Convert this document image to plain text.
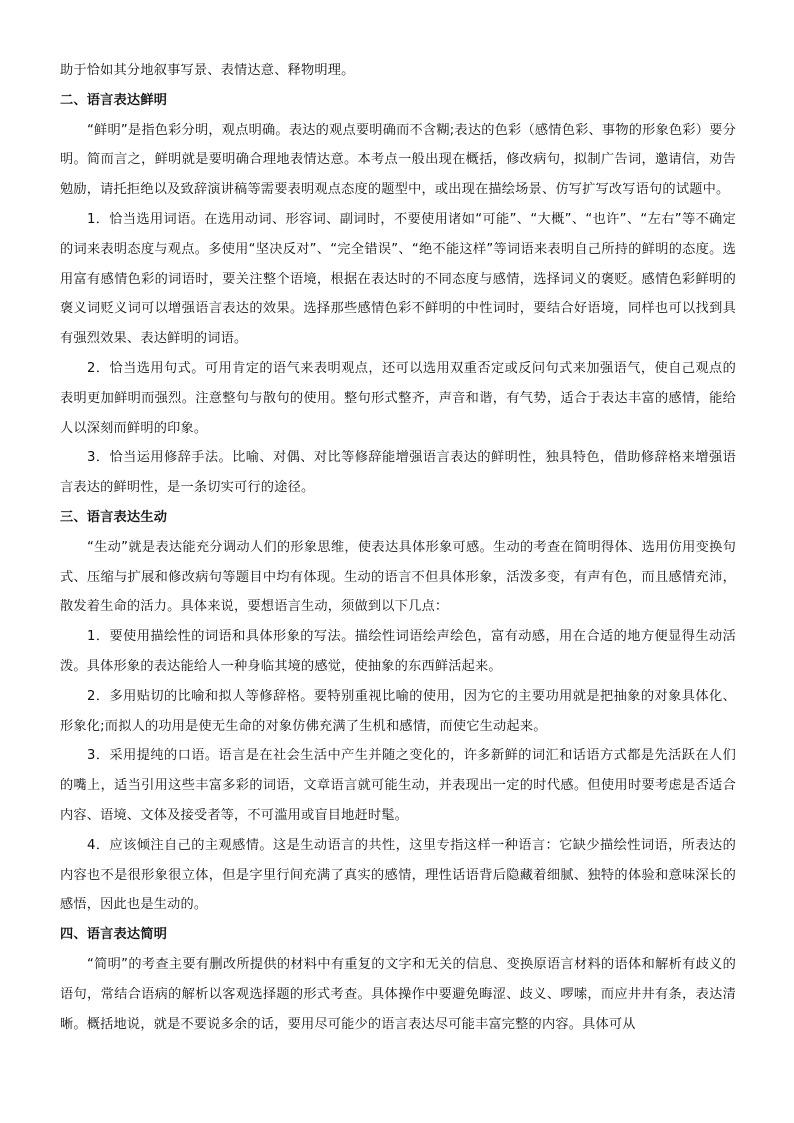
助于恰如其分地叙事写景、表情达意、释物明理。

二、语言表达鲜明

“鲜明”是指色彩分明，观点明确。表达的观点要明确而不含糊;表达的色彩（感情色彩、事物的形象色彩）要分明。简而言之，鲜明就是要明确合理地表情达意。本考点一般出现在概括，修改病句，拟制广告词，邀请信，劝告勉励，请托拒绝以及致辞演讲稿等需要表明观点态度的题型中，或出现在描绘场景、仿写扩写改写语句的试题中。

1．恰当选用词语。在选用动词、形容词、副词时，不要使用诸如“可能”、“大概”、“也许”、“左右”等不确定的词来表明态度与观点。多使用“坚决反对”、“完全错误”、“绝不能这样”等词语来表明自己所持的鲜明的态度。选用富有感情色彩的词语时，要关注整个语境，根据在表达时的不同态度与感情，选择词义的褒贬。感情色彩鲜明的褒义词贬义词可以增强语言表达的效果。选择那些感情色彩不鲜明的中性词时，要结合好语境，同样也可以找到具有强烈效果、表达鲜明的词语。

2．恰当选用句式。可用肯定的语气来表明观点，还可以选用双重否定或反问句式来加强语气，使自己观点的表明更加鲜明而强烈。注意整句与散句的使用。整句形式整齐，声音和谐，有气势，适合于表达丰富的感情，能给人以深刻而鲜明的印象。

3．恰当运用修辞手法。比喻、对偶、对比等修辞能增强语言表达的鲜明性，独具特色，借助修辞格来增强语言表达的鲜明性，是一条切实可行的途径。

三、语言表达生动

“生动”就是表达能充分调动人们的形象思维，使表达具体形象可感。生动的考查在简明得体、选用仿用变换句式、压缩与扩展和修改病句等题目中均有体现。生动的语言不但具体形象，活泼多变，有声有色，而且感情充沛，散发着生命的活力。具体来说，要想语言生动，须做到以下几点：

1．要使用描绘性的词语和具体形象的写法。描绘性词语绘声绘色，富有动感，用在合适的地方便显得生动活泼。具体形象的表达能给人一种身临其境的感觉，使抽象的东西鲜活起来。

2．多用贴切的比喻和拟人等修辞格。要特别重视比喻的使用，因为它的主要功用就是把抽象的对象具体化、形象化;而拟人的功用是使无生命的对象仿佛充满了生机和感情，而使它生动起来。

3．采用提纯的口语。语言是在社会生活中产生并随之变化的，许多新鲜的词汇和话语方式都是先活跃在人们的嘴上，适当引用这些丰富多彩的词语，文章语言就可能生动，并表现出一定的时代感。但使用时要考虑是否适合内容、语境、文体及接受者等，不可滥用或盲目地赶时髦。

4．应该倾注自己的主观感情。这是生动语言的共性，这里专指这样一种语言：它缺少描绘性词语，所表达的内容也不是很形象很立体，但是字里行间充满了真实的感情，理性话语背后隐藏着细腻、独特的体验和意味深长的感悟，因此也是生动的。

四、语言表达简明

“简明”的考查主要有删改所提供的材料中有重复的文字和无关的信息、变换原语言材料的语体和解析有歧义的语句，常结合语病的解析以客观选择题的形式考查。具体操作中要避免晦涩、歧义、啰嗦，而应井井有条，表达清晰。概括地说，就是不要说多余的话，要用尽可能少的语言表达尽可能丰富完整的内容。具体可从
